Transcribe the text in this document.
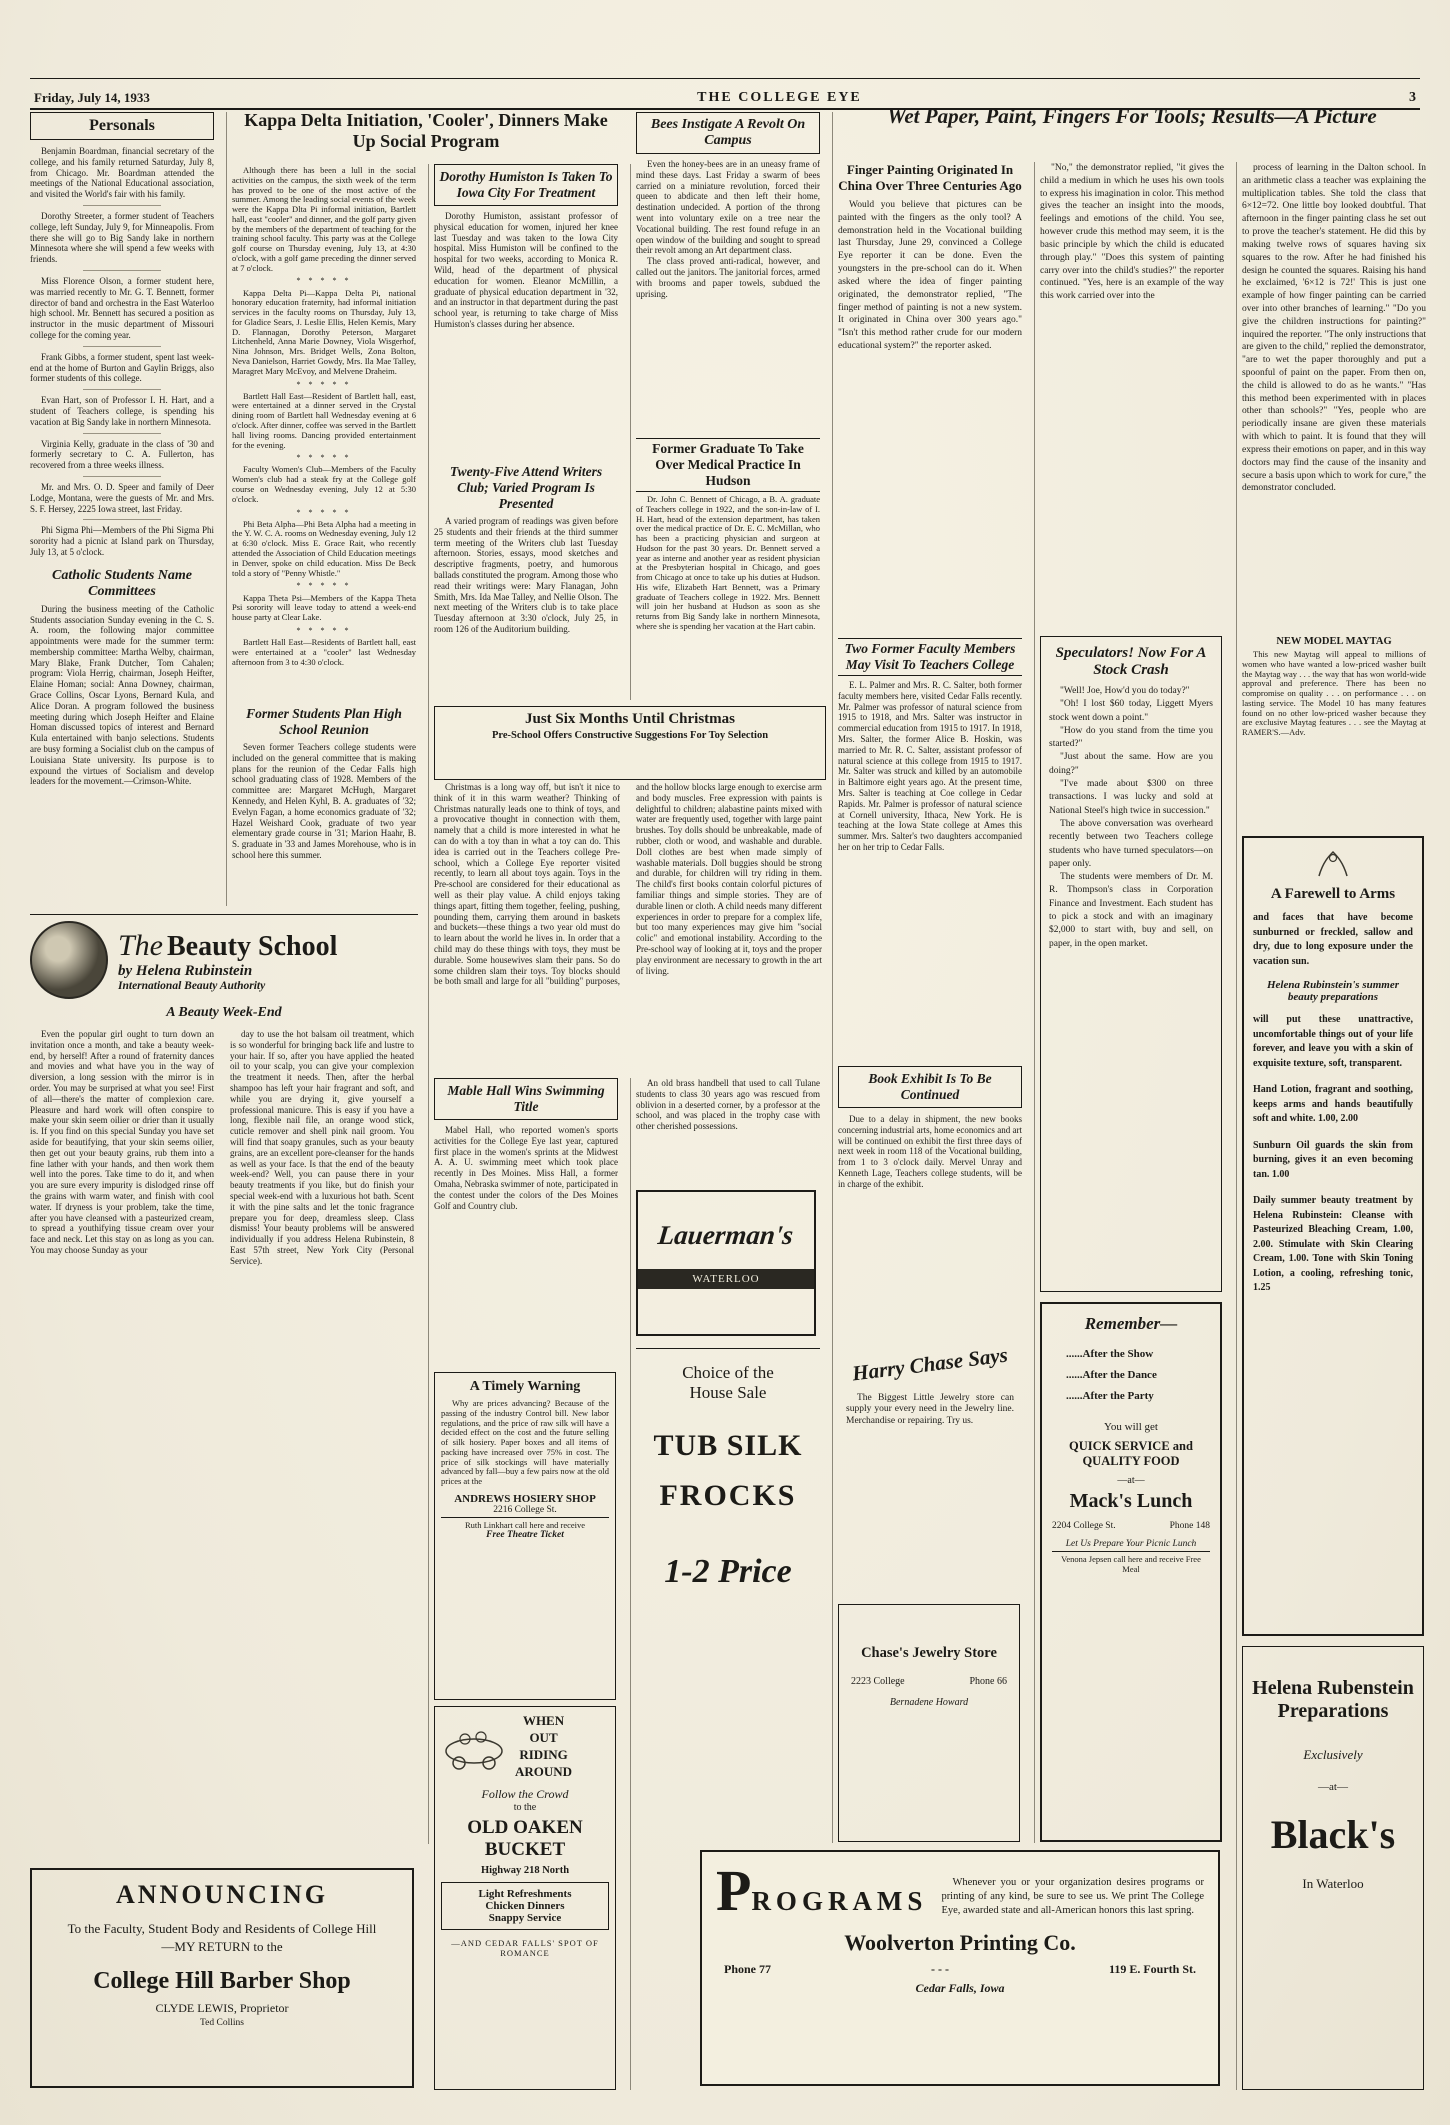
Friday, July 14, 1933	THE COLLEGE EYE	3
Personals

Benjamin Boardman, financial secretary of the college, and his family returned Saturday, July 8, from Chicago. Mr. Boardman attended the meetings of the National Educational association, and visited the World's fair with his family.

Dorothy Streeter, a former student of Teachers college, left Sunday, July 9, for Minneapolis. From there she will go to Big Sandy lake in northern Minnesota where she will spend a few weeks with friends.

Miss Florence Olson, a former student here, was married recently to Mr. G. T. Bennett, former director of band and orchestra in the East Waterloo high school. Mr. Bennett has secured a position as instructor in the music department of Missouri college for the coming year.

Frank Gibbs, a former student, spent last week-end at the home of Burton and Gaylin Briggs, also former students of this college.

Evan Hart, son of Professor I. H. Hart, and a student of Teachers college, is spending his vacation at Big Sandy lake in northern Minnesota.

Virginia Kelly, graduate in the class of '30 and formerly secretary to C. A. Fullerton, has recovered from a three weeks illness.

Mr. and Mrs. O. D. Speer and family of Deer Lodge, Montana, were the guests of Mr. and Mrs. S. F. Hersey, 2225 Iowa street, last Friday.

Phi Sigma Phi—Members of the Phi Sigma Phi sorority had a picnic at Island park on Thursday, July 13, at 5 o'clock.

Catholic Students Name Committees

During the business meeting of the Catholic Students association Sunday evening in the C. S. A. room, the following major committee appointments were made for the summer term: membership committee: Martha Welby, chairman, Mary Blake, Frank Dutcher, Tom Cahalen; program: Viola Herrig, chairman, Joseph Heifter, Elaine Homan; social: Anna Downey, chairman, Grace Collins, Oscar Lyons, Bernard Kula, and Alice Doran. A program followed the business meeting during which Joseph Heifter and Elaine Homan discussed topics of interest and Bernard Kula entertained with banjo selections. Students are busy forming a Socialist club on the campus of Louisiana State university. Its purpose is to expound the virtues of Socialism and develop leaders for the movement.—Crimson-White.

Kappa Delta Initiation, 'Cooler', Dinners Make Up Social Program

Although there has been a lull in the social activities on the campus, the sixth week of the term has proved to be one of the most active of the summer. Among the leading social events of the week were the Kappa Dlta Pi informal initiation, Bartlett hall, east "cooler" and dinner, and the golf party given by the members of the department of teaching for the training school faculty. This party was at the College golf course on Thursday evening, July 13, at 4:30 o'clock, with a golf game preceding the dinner served at 7 o'clock.

* * * * *

Kappa Delta Pi—Kappa Delta Pi, national honorary education fraternity, had informal initiation services in the faculty rooms on Thursday, July 13, for Gladice Sears, J. Leslie Ellis, Helen Kemis, Mary D. Flannagan, Dorothy Peterson, Margaret Litchenheld, Anna Marie Downey, Viola Wisgerhof, Nina Johnson, Mrs. Bridget Wells, Zona Bolton, Neva Danielson, Harriet Gowdy, Mrs. Ila Mae Talley, Maragret Mary McEvoy, and Melvene Draheim.

* * * * *

Bartlett Hall East—Resident of Bartlett hall, east, were entertained at a dinner served in the Crystal dining room of Bartlett hall Wednesday evening at 6 o'clock. After dinner, coffee was served in the Bartlett hall living rooms. Dancing provided entertainment for the evening.

* * * * *

Faculty Women's Club—Members of the Faculty Women's club had a steak fry at the College golf course on Wednesday evening, July 12 at 5:30 o'clock.

* * * * *

Phi Beta Alpha—Phi Beta Alpha had a meeting in the Y. W. C. A. rooms on Wednesday evening, July 12 at 6:30 o'clock. Miss E. Grace Rait, who recently attended the Association of Child Education meetings in Denver, spoke on child education. Miss De Beck told a story of "Penny Whistle."

* * * * *

Kappa Theta Psi—Members of the Kappa Theta Psi sorority will leave today to attend a week-end house party at Clear Lake.

* * * * *

Bartlett Hall East—Residents of Bartlett hall, east were entertained at a "cooler" last Wednesday afternoon from 3 to 4:30 o'clock.

Former Students Plan High School Reunion

Seven former Teachers college students were included on the general committee that is making plans for the reunion of the Cedar Falls high school graduating class of 1928. Members of the committee are: Margaret McHugh, Margaret Kennedy, and Helen Kyhl, B. A. graduates of '32; Evelyn Fagan, a home economics graduate of '32; Hazel Weishard Cook, graduate of two year elementary grade course in '31; Marion Haahr, B. S. graduate in '33 and James Morehouse, who is in school here this summer.

Dorothy Humiston Is Taken To Iowa City For Treatment

Dorothy Humiston, assistant professor of physical education for women, injured her knee last Tuesday and was taken to the Iowa City hospital. Miss Humiston will be confined to the hospital for two weeks, according to Monica R. Wild, head of the department of physical education for women. Eleanor McMillin, a graduate of physical education department in '32, and an instructor in that department during the past school year, is returning to take charge of Miss Humiston's classes during her absence.

Twenty-Five Attend Writers Club; Varied Program Is Presented

A varied program of readings was given before 25 students and their friends at the third summer term meeting of the Writers club last Tuesday afternoon. Stories, essays, mood sketches and descriptive fragments, poetry, and humorous ballads constituted the program. Among those who read their writings were: Mary Flanagan, John Smith, Mrs. Ida Mae Talley, and Nellie Olson. The next meeting of the Writers club is to take place Tuesday afternoon at 3:30 o'clock, July 25, in room 126 of the Auditorium building.

Just Six Months Until Christmas
Pre-School Offers Constructive Suggestions For Toy Selection

Christmas is a long way off, but isn't it nice to think of it in this warm weather? Thinking of Christmas naturally leads one to think of toys, and a provocative thought in connection with them, namely that a child is more interested in what he can do with a toy than in what a toy can do. This idea is carried out in the Teachers college Pre-school, which a College Eye reporter visited recently, to learn all about toys again. Toys in the Pre-school are considered for their educational as well as their play value. A child enjoys taking things apart, fitting them together, feeling, pushing, pounding them, carrying them around in baskets and buckets—these things a two year old must do to learn about the world he lives in. In order that a child may do these things with toys, they must be durable. Some housewives slam their pans. So do some children slam their toys. Toy blocks should be both small and large for all "building" purposes, and the hollow blocks large enough to exercise arm and body muscles. Free expression with paints is delightful to children; alabastine paints mixed with water are frequently used, together with large paint brushes. Toy dolls should be unbreakable, made of rubber, cloth or wood, and washable and durable. Doll clothes are best when made simply of washable materials. Doll buggies should be strong and durable, for children will try riding in them. The child's first books contain colorful pictures of familiar things and simple stories. They are of durable linen or cloth. A child needs many different experiences in order to prepare for a complex life, but too many experiences may give him "social colic" and emotional instability. According to the Pre-school way of looking at it, toys and the proper play environment are necessary to growth in the art of living.

Mable Hall Wins Swimming Title

Mabel Hall, who reported women's sports activities for the College Eye last year, captured first place in the women's sprints at the Midwest A. A. U. swimming meet which took place recently in Des Moines. Miss Hall, a former Omaha, Nebraska swimmer of note, participated in the contest under the colors of the Des Moines Golf and Country club.

A Timely Warning

Why are prices advancing? Because of the passing of the industry Control bill. New labor regulations, and the price of raw silk will have a decided effect on the cost and the future selling of silk hosiery. Paper boxes and all items of packing have increased over 75% in cost. The price of silk stockings will have materially advanced by fall—buy a few pairs now at the old prices at the

ANDREWS HOSIERY SHOP
2216 College St.
Ruth Linkhart call here and receive
Free Theatre Ticket
WHEN
OUT
RIDING
AROUND
Follow the Crowd
to the
OLD OAKEN
BUCKET
Highway 218 North
Light Refreshments
Chicken Dinners
Snappy Service
—AND CEDAR FALLS' SPOT OF ROMANCE
Bees Instigate A Revolt On Campus

Even the honey-bees are in an uneasy frame of mind these days. Last Friday a swarm of bees carried on a miniature revolution, forced their queen to abdicate and then left their home, destination undecided. A portion of the throng went into voluntary exile on a tree near the Vocational building. The rest found refuge in an open window of the building and sought to spread their revolt among an Art department class.

The class proved anti-radical, however, and called out the janitors. The janitorial forces, armed with brooms and paper towels, subdued the uprising.

Former Graduate To Take Over Medical Practice In Hudson

Dr. John C. Bennett of Chicago, a B. A. graduate of Teachers college in 1922, and the son-in-law of I. H. Hart, head of the extension department, has taken over the medical practice of Dr. E. C. McMillan, who has been a practicing physician and surgeon at Hudson for the past 30 years. Dr. Bennett served a year as interne and another year as resident physician at the Presbyterian hospital in Chicago, and goes from Chicago at once to take up his duties at Hudson. His wife, Elizabeth Hart Bennett, was a Primary graduate of Teachers college in 1922. Mrs. Bennett will join her husband at Hudson as soon as she returns from Big Sandy lake in northern Minnesota, where she is spending her vacation at the Hart cabin.

An old brass handbell that used to call Tulane students to class 30 years ago was rescued from oblivion in a deserted corner, by a professor at the school, and was placed in the trophy case with other cherished possessions.

Lauerman's
WATERLOO
Choice of the
House Sale
TUB SILK
FROCKS
1-2 Price
PROGRAMS

Whenever you or your organization desires programs or printing of any kind, be sure to see us. We print The College Eye, awarded state and all-American honors this last spring.

Woolverton Printing Co.
Phone 77	- - -	119 E. Fourth St.
Cedar Falls, Iowa
Wet Paper, Paint, Fingers For Tools; Results—A Picture
Finger Painting Originated In China Over Three Centuries Ago

Would you believe that pictures can be painted with the fingers as the only tool? A demonstration held in the Vocational building last Thursday, June 29, convinced a College Eye reporter it can be done. Even the youngsters in the pre-school can do it. When asked where the idea of finger painting originated, the demonstrator replied, "The finger method of painting is not a new system. It originated in China over 300 years ago." "Isn't this method rather crude for our modern educational system?" the reporter asked.

"No," the demonstrator replied, "it gives the child a medium in which he uses his own tools to express his imagination in color. This method gives the teacher an insight into the moods, feelings and emotions of the child. You see, however crude this method may seem, it is the basic principle by which the child is educated through play." "Does this system of painting carry over into the child's studies?" the reporter continued. "Yes, here is an example of the way this work carried over into the

process of learning in the Dalton school. In an arithmetic class a teacher was explaining the multiplication tables. She told the class that 6×12=72. One little boy looked doubtful. That afternoon in the finger painting class he set out to prove the teacher's statement. He did this by making twelve rows of squares having six squares to the row. After he had finished his design he counted the squares. Raising his hand he exclaimed, '6×12 is 72!' This is just one example of how finger painting can be carried over into other branches of learning." "Do you give the children instructions for painting?" inquired the reporter. "The only instructions that are given to the child," replied the demonstrator, "are to wet the paper thoroughly and put a spoonful of paint on the paper. From then on, the child is allowed to do as he wants." "Has this method been experimented with in places other than schools?" "Yes, people who are periodically insane are given these materials with which to paint. It is found that they will express their emotions on paper, and in this way doctors may find the cause of the insanity and secure a basis upon which to work for cure," the demonstrator concluded.

Two Former Faculty Members May Visit To Teachers College

E. L. Palmer and Mrs. R. C. Salter, both former faculty members here, visited Cedar Falls recently. Mr. Palmer was professor of natural science from 1915 to 1918, and Mrs. Salter was instructor in commercial education from 1915 to 1917. In 1918, Mrs. Salter, the former Alice B. Hoskin, was married to Mr. R. C. Salter, assistant professor of natural science at this college from 1915 to 1917. Mr. Salter was struck and killed by an automobile in Baltimore eight years ago. At the present time, Mrs. Salter is teaching at Coe college in Cedar Rapids. Mr. Palmer is professor of natural science at Cornell university, Ithaca, New York. He is teaching at the Iowa State college at Ames this summer. Mrs. Salter's two daughters accompanied her on her trip to Cedar Falls.

Book Exhibit Is To Be Continued

Due to a delay in shipment, the new books concerning industrial arts, home economics and art will be continued on exhibit the first three days of next week in room 118 of the Vocational building, from 1 to 3 o'clock daily. Mervel Unray and Kenneth Lage, Teachers college students, will be in charge of the exhibit.

Harry Chase Says

The Biggest Little Jewelry store can supply your every need in the Jewelry line. Merchandise or repairing. Try us.

Chase's Jewelry Store
2223 College	Phone 66
Bernadene Howard
Speculators! Now For A Stock Crash

"Well! Joe, How'd you do today?"

"Oh! I lost $60 today, Liggett Myers stock went down a point."

"How do you stand from the time you started?"

"Just about the same. How are you doing?"

"I've made about $300 on three transactions. I was lucky and sold at National Steel's high twice in succession."

The above conversation was overheard recently between two Teachers college students who have turned speculators—on paper only.

The students were members of Dr. M. R. Thompson's class in Corporation Finance and Investment. Each student has to pick a stock and with an imaginary $2,000 to start with, buy and sell, on paper, in the open market.

Remember—
......After the Show
......After the Dance
......After the Party
You will get
QUICK SERVICE and QUALITY FOOD
—at—
Mack's Lunch
2204 College St.	Phone 148
Let Us Prepare Your Picnic Lunch
Venona Jepsen call here and receive Free Meal
NEW MODEL MAYTAG

This new Maytag will appeal to millions of women who have wanted a low-priced washer built the Maytag way . . . the way that has won world-wide approval and preference. There has been no compromise on quality . . . on performance . . . on lasting service. The Model 10 has many features found on no other low-priced washer because they are exclusive Maytag features . . . see the Maytag at RAMER'S.—Adv.

A Farewell to Arms
and faces that have become sunburned or freckled, sallow and dry, due to long exposure under the vacation sun.
Helena Rubinstein's summer beauty preparations
will put these unattractive, uncomfortable things out of your life forever, and leave you with a skin of exquisite texture, soft, transparent.
Hand Lotion, fragrant and soothing, keeps arms and hands beautifully soft and white. 1.00, 2.00
Sunburn Oil guards the skin from burning, gives it an even becoming tan. 1.00
Daily summer beauty treatment by Helena Rubinstein: Cleanse with Pasteurized Bleaching Cream, 1.00, 2.00. Stimulate with Skin Clearing Cream, 1.00. Tone with Skin Toning Lotion, a cooling, refreshing tonic, 1.25
Helena Rubenstein
Preparations
Exclusively
—at—
Black's
In Waterloo
The Beauty School
by Helena Rubinstein
International Beauty Authority
A Beauty Week-End

Even the popular girl ought to turn down an invitation once a month, and take a beauty week-end, by herself! After a round of fraternity dances and movies and what have you in the way of diversion, a long session with the mirror is in order. You may be surprised at what you see! First of all—there's the matter of complexion care. Pleasure and hard work will often conspire to make your skin seem oilier or drier than it usually is. If you find on this special Sunday you have set aside for beautifying, that your skin seems oilier, then get out your beauty grains, rub them into a fine lather with your hands, and then work them well into the pores. Take time to do it, and when you are sure every impurity is dislodged rinse off the grains with warm water, and finish with cool water. If dryness is your problem, take the time, after you have cleansed with a pasteurized cream, to spread a youthifying tissue cream over your face and neck. Let this stay on as long as you can. You may choose Sunday as your

day to use the hot balsam oil treatment, which is so wonderful for bringing back life and lustre to your hair. If so, after you have applied the heated oil to your scalp, you can give your complexion the treatment it needs. Then, after the herbal shampoo has left your hair fragrant and soft, and while you are drying it, give yourself a professional manicure. This is easy if you have a long, flexible nail file, an orange wood stick, cuticle remover and shell pink nail groom. You will find that soapy granules, such as your beauty grains, are an excellent pore-cleanser for the hands as well as your face. Is that the end of the beauty week-end? Well, you can pause there in your beauty treatments if you like, but do finish your special week-end with a luxurious hot bath. Scent it with the pine salts and let the tonic fragrance prepare you for deep, dreamless sleep. Class dismiss! Your beauty problems will be answered individually if you address Helena Rubinstein, 8 East 57th street, New York City (Personal Service).

ANNOUNCING
To the Faculty, Student Body and Residents of College Hill—MY RETURN to the
College Hill Barber Shop
CLYDE LEWIS, Proprietor
Ted Collins
